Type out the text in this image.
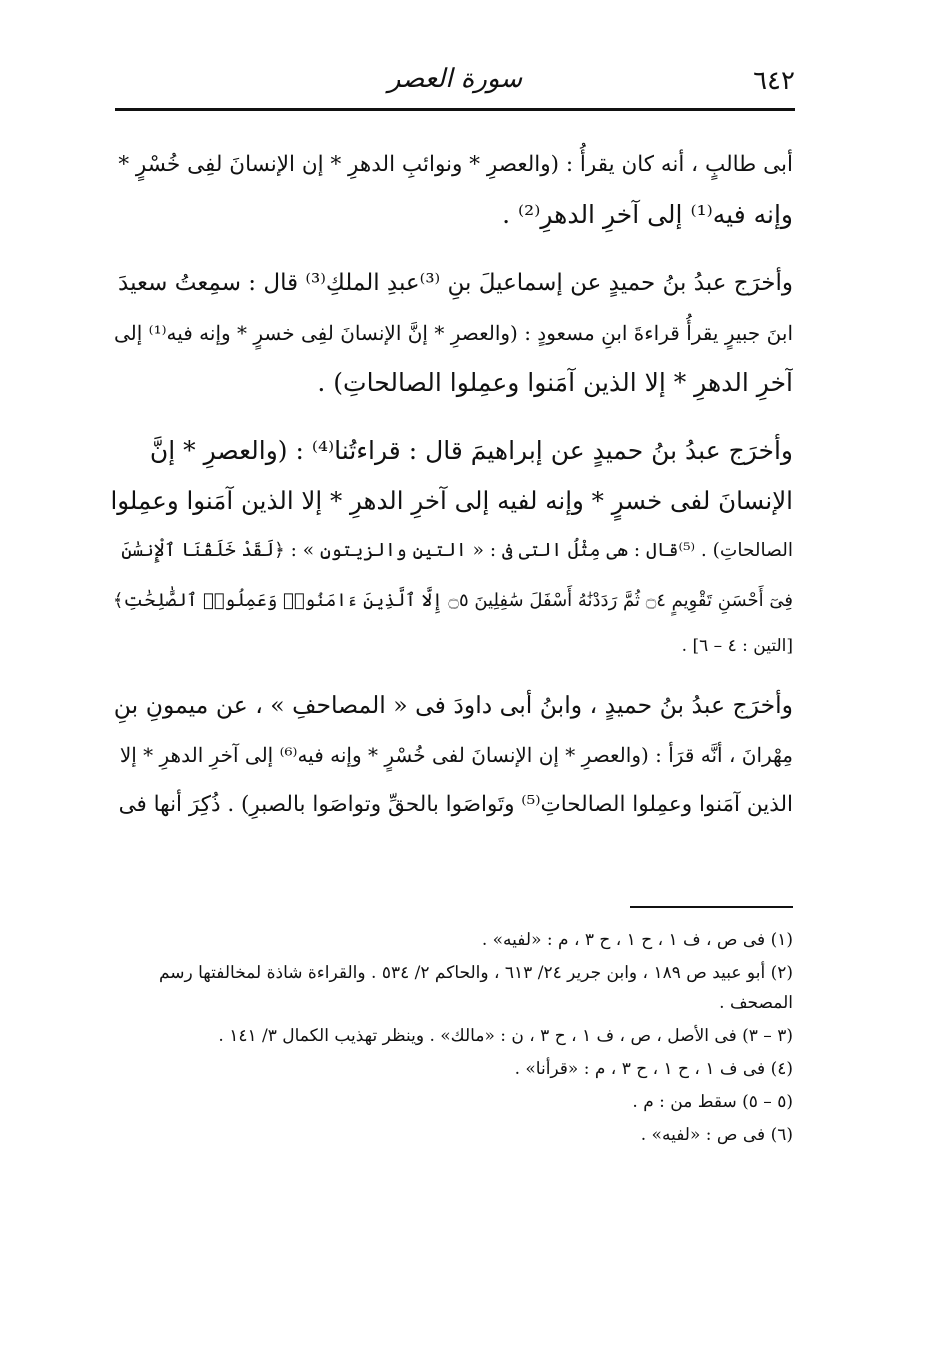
٦٤٢
سورة العصر

أبى طالبٍ ، أنه كان يقرأُ : (والعصرِ * ونوائبِ الدهرِ * إن الإنسانَ لفِى خُسْرٍ *
وإنه فيه⁽¹⁾ إلى آخرِ الدهرِ⁽²⁾ .

وأخرَج عبدُ بنُ حميدٍ عن إسماعيلَ بنِ ⁽³⁾عبدِ الملكِ⁽³⁾ قال : سمِعتُ سعيدَ
ابنَ جبيرٍ يقرأُ قراءةَ ابنِ مسعودٍ : (والعصرِ * إنَّ الإنسانَ لفِى خسرٍ * وإنه فيه⁽¹⁾ إلى
آخرِ الدهرِ * إلا الذين آمَنوا وعمِلوا الصالحاتِ) .

وأخرَج عبدُ بنُ حميدٍ عن إبراهيمَ قال : قراءتُنا⁽⁴⁾ : (والعصرِ * إنَّ
الإنسانَ لفى خسرٍ * وإنه لفيه إلى آخرِ الدهرِ * إلا الذين آمَنوا وعمِلوا
الصالحاتِ) . ⁽⁵⁾قال : هى مِثْلُ التى فى : « التينِ والزيتونِ » : ﴿لَقَدْ خَلَقْنَا ٱلْإِنسَٰنَ
فِىٓ أَحْسَنِ تَقْوِيمٍ ۝٤ ثُمَّ رَدَدْنَٰهُ أَسْفَلَ سَٰفِلِينَ ۝٥ إِلَّا ٱلَّذِينَ ءَامَنُوا۟ وَعَمِلُوا۟ ٱلصَّٰلِحَٰتِ﴾
[التين : ٤ – ٦] .

وأخرَج عبدُ بنُ حميدٍ ، وابنُ أبى داودَ فى « المصاحفِ » ، عن ميمونِ بنِ
مِهْرانَ ، أنَّه قرَأ : (والعصرِ * إن الإنسانَ لفى خُسْرٍ * وإنه فيه⁽⁶⁾ إلى آخرِ الدهرِ * إلا
الذين آمَنوا وعمِلوا الصالحاتِ⁽⁵⁾ وتَواصَوا بالحقِّ وتواصَوا بالصبرِ) . ذُكِرَ أنها فى

(١) فى ص ، ف ١ ، ح ١ ، ح ٣ ، م : «لفيه» .
(٢) أبو عبيد ص ١٨٩ ، وابن جرير ٢٤/ ٦١٣ ، والحاكم ٢/ ٥٣٤ . والقراءة شاذة لمخالفتها رسم
المصحف .
(٣ – ٣) فى الأصل ، ص ، ف ١ ، ح ٣ ، ن : «مالك» . وينظر تهذيب الكمال ٣/ ١٤١ .
(٤) فى ف ١ ، ح ١ ، ح ٣ ، م : «قرأنا» .
(٥ – ٥) سقط من : م .
(٦) فى ص : «لفيه» .
